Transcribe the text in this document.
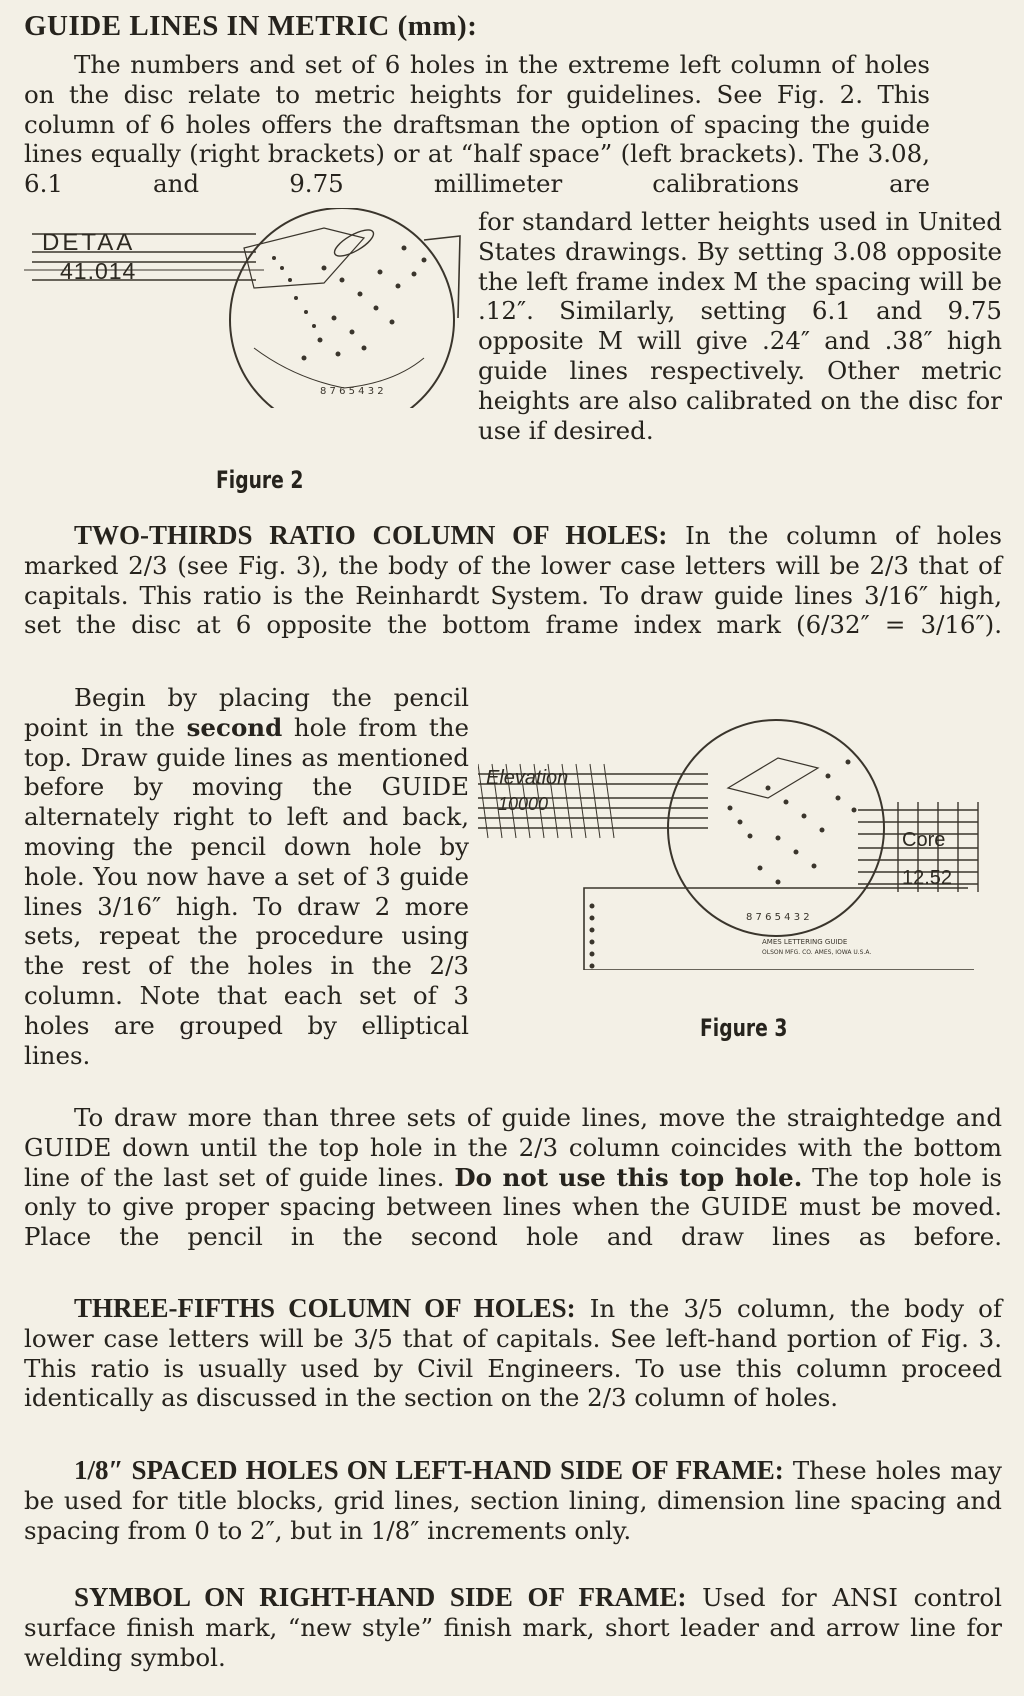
GUIDE LINES IN METRIC (mm):

The numbers and set of 6 holes in the extreme left column of holes on the disc relate to metric heights for guidelines. See Fig. 2. This column of 6 holes offers the draftsman the option of spacing the guide lines equally (right brackets) or at “half space” (left brackets). The 3.08, 6.1 and 9.75 millimeter calibrations are

8 7 6 5 4 3 2
DETAA
41.014
Figure 2

for standard letter heights used in United States drawings. By setting 3.08 opposite the left frame index M the spacing will be .12″. Similarly, setting 6.1 and 9.75 opposite M will give .24″ and .38″ high guide lines respectively. Other metric heights are also calibrated on the disc for use if desired.

TWO-THIRDS RATIO COLUMN OF HOLES: In the column of holes marked 2/3 (see Fig. 3), the body of the lower case letters will be 2/3 that of capitals. This ratio is the Reinhardt System. To draw guide lines 3/16″ high, set the disc at 6 opposite the bottom frame index mark (6/32″ = 3/16″).

Begin by placing the pencil point in the second hole from the top. Draw guide lines as mentioned before by moving the GUIDE alternately right to left and back, moving the pencil down hole by hole. You now have a set of 3 guide lines 3/16″ high. To draw 2 more sets, repeat the procedure using the rest of the holes in the 2/3 column. Note that each set of 3 holes are grouped by elliptical lines.

8 7 6 5 4 3 2
Elevation
10000
Core
12.52
AMES LETTERING GUIDE
OLSON MFG. CO. AMES, IOWA U.S.A.
Figure 3

To draw more than three sets of guide lines, move the straightedge and GUIDE down until the top hole in the 2/3 column coincides with the bottom line of the last set of guide lines. Do not use this top hole. The top hole is only to give proper spacing between lines when the GUIDE must be moved. Place the pencil in the second hole and draw lines as before.

THREE-FIFTHS COLUMN OF HOLES: In the 3/5 column, the body of lower case letters will be 3/5 that of capitals. See left-hand portion of Fig. 3. This ratio is usually used by Civil Engineers. To use this column proceed identically as discussed in the section on the 2/3 column of holes.

1/8″ SPACED HOLES ON LEFT-HAND SIDE OF FRAME: These holes may be used for title blocks, grid lines, section lining, dimension line spacing and spacing from 0 to 2″, but in 1/8″ increments only.

SYMBOL ON RIGHT-HAND SIDE OF FRAME: Used for ANSI control surface finish mark, “new style” finish mark, short leader and arrow line for welding symbol.
